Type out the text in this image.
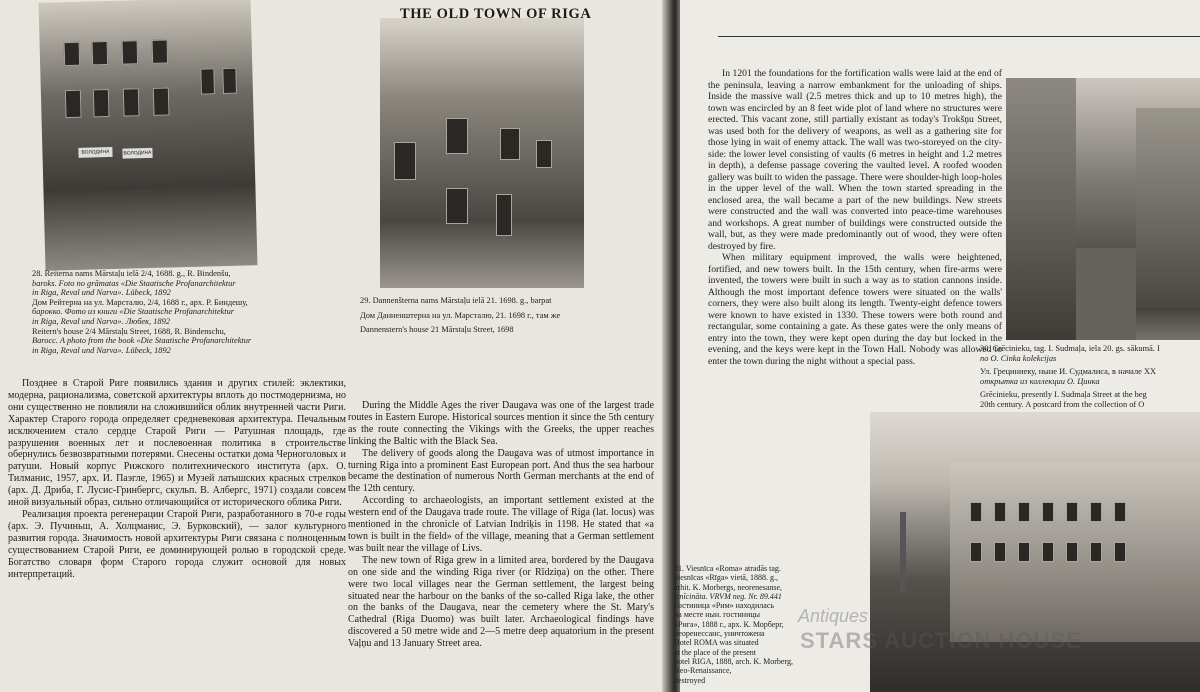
ВОЛОДИНА	ВОЛОДИНА
THE OLD TOWN OF RIGA

28. Reiterna nams Mārstaļu ielā 2/4, 1688. g., R. Bindenšu,

baroks. Foto no grāmatas «Die Staatische Profanarchitektur

in Riga, Reval und Narva». Lübeck, 1892

Дом Рейтерна на ул. Марсталю, 2/4, 1688 г., арх. Р. Биндешу,

барокко. Фото из книги «Die Staatische Profanarchitektur

in Riga, Reval und Narva». Любек, 1892

Reitern's house 2/4 Mārstaļu Street, 1688, R. Bindenschu,

Barocc. A photo from the book «Die Staatische Profanarchitektur

in Riga, Reval und Narva». Lübeck, 1892

29. Dannenšterna nams Mārstaļu ielā 21. 1698. g., barpat

Дом Данненштерна на ул. Марсталю, 21. 1698 г., там же

Dannenstern's house 21 Mārstaļu Street, 1698

Позднее в Старой Риге появились здания и других стилей: эклектики, модерна, рационализма, советской архитектуры вплоть до постмодернизма, но они существенно не повлияли на сложившийся облик внутренней части Риги. Характер Старого города определяет средневековая архитектура. Печальным исключением стало сердце Старой Риги — Ратушная площадь, где разрушения военных лет и послевоенная политика в строительстве обернулись безвозвратными потерями. Снесены остатки дома Черноголовых и ратуши. Новый корпус Рижского политехнического института (арх. О. Тилманис, 1957, арх. И. Паэгле, 1965) и Музей латышских красных стрелков (арх. Д. Дриба, Г. Лусис-Гринбергс, скульп. В. Албергс, 1971) создали совсем иной визуальный образ, сильно отличающийся от исторического облика Риги.

Реализация проекта регенерации Старой Риги, разработанного в 70-е годы (арх. Э. Пучиньш, А. Холцманис, Э. Бурковский), — залог культурного развития города. Значимость новой архитектуры Риги связана с полноценным существованием Старой Риги, ее доминирующей ролью в городской среде. Богатство словаря форм Старого города служит основой для новых интерпретаций.

During the Middle Ages the river Daugava was one of the largest trade routes in Eastern Europe. Historical sources mention it since the 5th century as the route connecting the Vikings with the Greeks, the upper reaches linking the Baltic with the Black Sea.

The delivery of goods along the Daugava was of utmost importance in turning Riga into a prominent East European port. And thus the sea harbour became the destination of numerous North German merchants at the end of the 12th century.

According to archaeologists, an important settlement existed at the western end of the Daugava trade route. The village of Riga (lat. locus) was mentioned in the chronicle of Latvian Indriķis in 1198. He stated that «a town is built in the field» of the village, meaning that a German settlement was built near the village of Livs.

The new town of Riga grew in a limited area, bordered by the Daugava on one side and the winding Riga river (or Rīdziņa) on the other. There were two local villages near the German settlement, the largest being situated near the harbour on the banks of the so-called Riga lake, the other on the banks of the Daugava, near the cemetery where the St. Mary's Cathedral (Riga Duomo) was built later. Archaeological findings have discovered a 50 metre wide and 2—5 metre deep aquatorium in the present Vaļņu and 13 January Street area.

In 1201 the foundations for the fortification walls were laid at the end of the peninsula, leaving a narrow embankment for the unloading of ships. Inside the massive wall (2.5 metres thick and up to 10 metres high), the town was encircled by an 8 feet wide plot of land where no structures were erected. This vacant zone, still partially existant as today's Trokšņu Street, was used both for the delivery of weapons, as well as a gathering site for those lying in wait of enemy attack. The wall was two-storeyed on the city-side: the lower level consisting of vaults (6 metres in height and 1.2 metres in depth), a defense passage covering the vaulted level. A roofed wooden gallery was built to widen the passage. There were shoulder-high loop-holes in the upper level of the wall. When the town started spreading in the enclosed area, the wall became a part of the new buildings. New streets were constructed and the wall was converted into peace-time warehouses and workshops. A great number of buildings were constructed outside the wall, but, as they were made predominantly out of wood, they were often destroyed by fire.

When military equipment improved, the walls were heightened, fortified, and new towers built. In the 15th century, when fire-arms were invented, the towers were built in such a way as to station cannons inside. Although the most important defence towers were situated on the walls' corners, they were also built along its length. Twenty-eight defence towers were known to have existed in 1330. These towers were both round and rectangular, some containing a gate. As these gates were the only means of entry into the town, they were kept open during the day but locked in the evening, and the keys were kept in the Town Hall. Nobody was allowed to enter the town during the night without a special pass.

30. Grēcinieku, tag. I. Sudmaļa, iela 20. gs. sākumā. I

no O. Cinka kolekcijas

Ул. Грециниеку, ныне И. Судмалиса, в начале XX

открытка из коллекции О. Цинка

Grēcinieku, presently I. Sudmaļa Street at the beg

20th century. A postcard from the collection of O

31. Viesnīca «Roma» atradās tag.

viesnīcas «Rīga» vietā, 1888. g.,

arhit. K. Morbergs, neorenesanse,

iznīcināta. VRVM neg. Nr. 89.441

Гостиница «Рим» находилась

на месте нын. гостиницы

«Рига», 1888 г., арх. К. Морберг,

неоренессанс, уничтожена

Hotel ROMA was situated

at the place of the present

hotel RIGA, 1888, arch. K. Morberg,

Neo-Renaissance,

destroyed

Antiques
STARS AUCTION HOUSE
